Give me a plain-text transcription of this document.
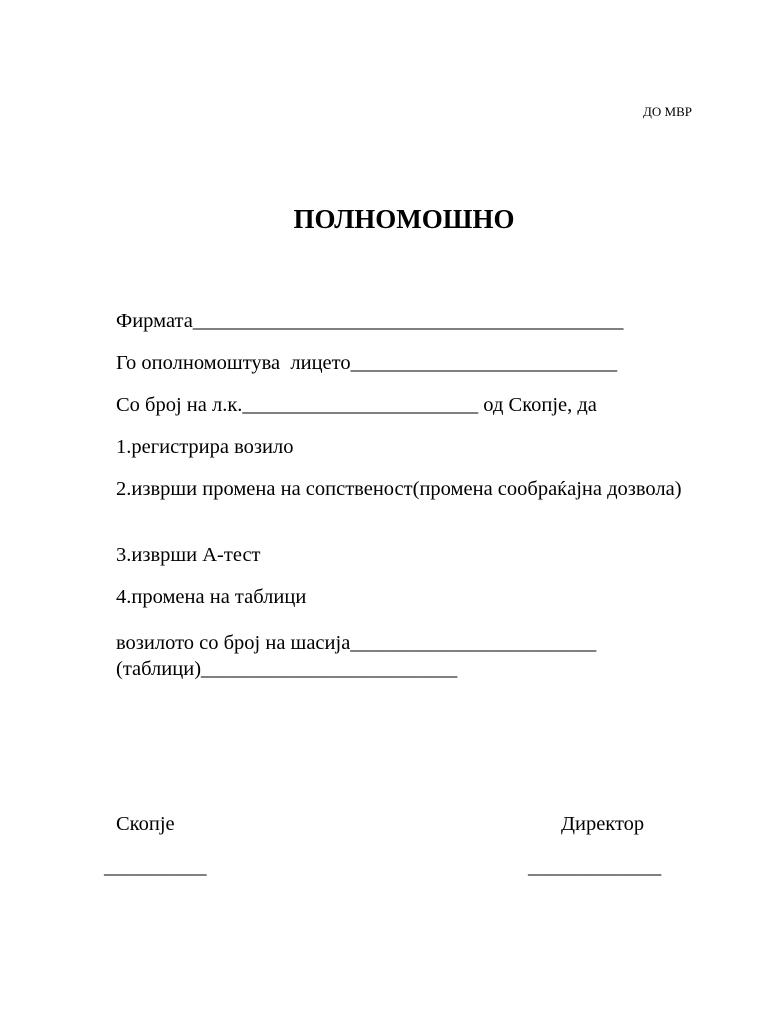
ДО МВР
ПОЛНОМОШНО
Фирмата__________________________________________
Го ополномоштува  лицето__________________________
Со број на л.к._______________________ од Скопје, да
1.регистрира возило
2.изврши промена на сопственост(промена сообраќајна дозвола)
3.изврши А-тест
4.промена на таблици
возилото со број на шасија________________________ (таблици)_________________________
Скопје	Директор
__________	_____________
